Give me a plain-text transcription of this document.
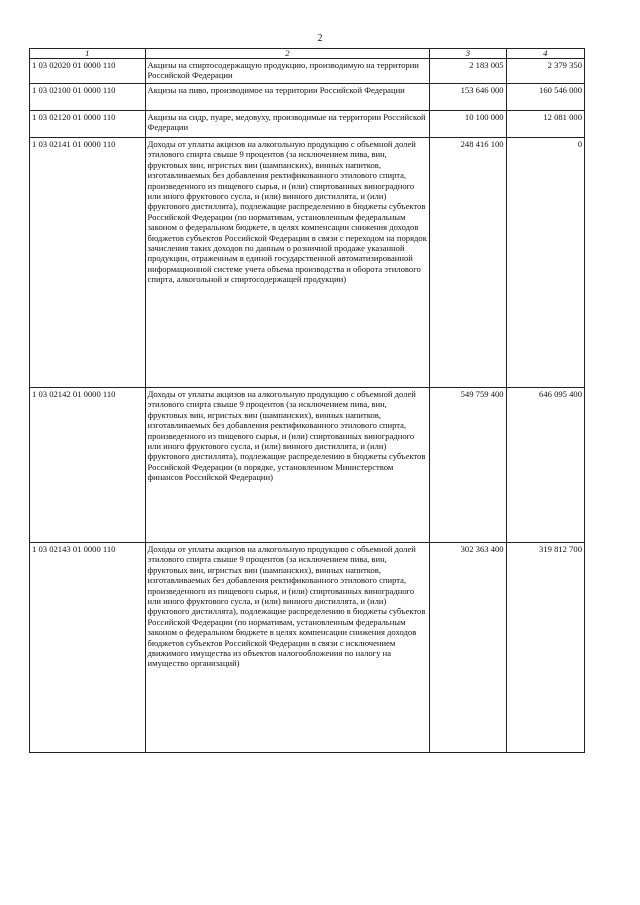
2
1	2	3	4
1 03 02020 01 0000 110	Акцизы на спиртосодержащую продукцию, производимую на территории Российской Федерации	2 183 005	2 379 350
1 03 02100 01 0000 110	Акцизы на пиво, производимое на территории Российской Федерации	153 646 000	160 546 000
1 03 02120 01 0000 110	Акцизы на сидр, пуаре, медовуху, производимые на территории Российской Федерации	10 100 000	12 081 000
1 03 02141 01 0000 110	Доходы от уплаты акцизов на алкогольную продукцию с объемной долей этилового спирта свыше 9 процентов (за исключением пива, вин, фруктовых вин, игристых вин (шампанских), винных напитков, изготавливаемых без добавления ректификованного этилового спирта, произведенного из пищевого сырья, и (или) спиртованных виноградного или иного фруктового сусла, и (или) винного дистиллята, и (или) фруктового дистиллята), подлежащие распределению в бюджеты субъектов Российской Федерации (по нормативам, установленным федеральным законом о федеральном бюджете, в целях компенсации снижения доходов бюджетов субъектов Российской Федерации в связи с переходом на порядок зачисления таких доходов по данным о розничной продаже указанной продукции, отраженным в единой государственной автоматизированной информационной системе учета объема производства и оборота этилового спирта, алкогольной и спиртосодержащей продукции)	248 416 100	0
1 03 02142 01 0000 110	Доходы от уплаты акцизов на алкогольную продукцию с объемной долей этилового спирта свыше 9 процентов (за исключением пива, вин, фруктовых вин, игристых вин (шампанских), винных напитков, изготавливаемых без добавления ректификованного этилового спирта, произведенного из пищевого сырья, и (или) спиртованных виноградного или иного фруктового сусла, и (или) винного дистиллята, и (или) фруктового дистиллята), подлежащие распределению в бюджеты субъектов Российской Федерации (в порядке, установленном Министерством финансов Российской Федерации)	549 759 400	646 095 400
1 03 02143 01 0000 110	Доходы от уплаты акцизов на алкогольную продукцию с объемной долей этилового спирта свыше 9 процентов (за исключением пива, вин, фруктовых вин, игристых вин (шампанских), винных напитков, изготавливаемых без добавления ректификованного этилового спирта, произведенного из пищевого сырья, и (или) спиртованных виноградного или иного фруктового сусла, и (или) винного дистиллята, и (или) фруктового дистиллята), подлежащие распределению в бюджеты субъектов Российской Федерации (по нормативам, установленным федеральным законом о федеральном бюджете в целях компенсации снижения доходов бюджетов субъектов Российской Федерации в связи с исключением движимого имущества из объектов налогообложения по налогу на имущество организаций)	302 363 400	319 812 700
